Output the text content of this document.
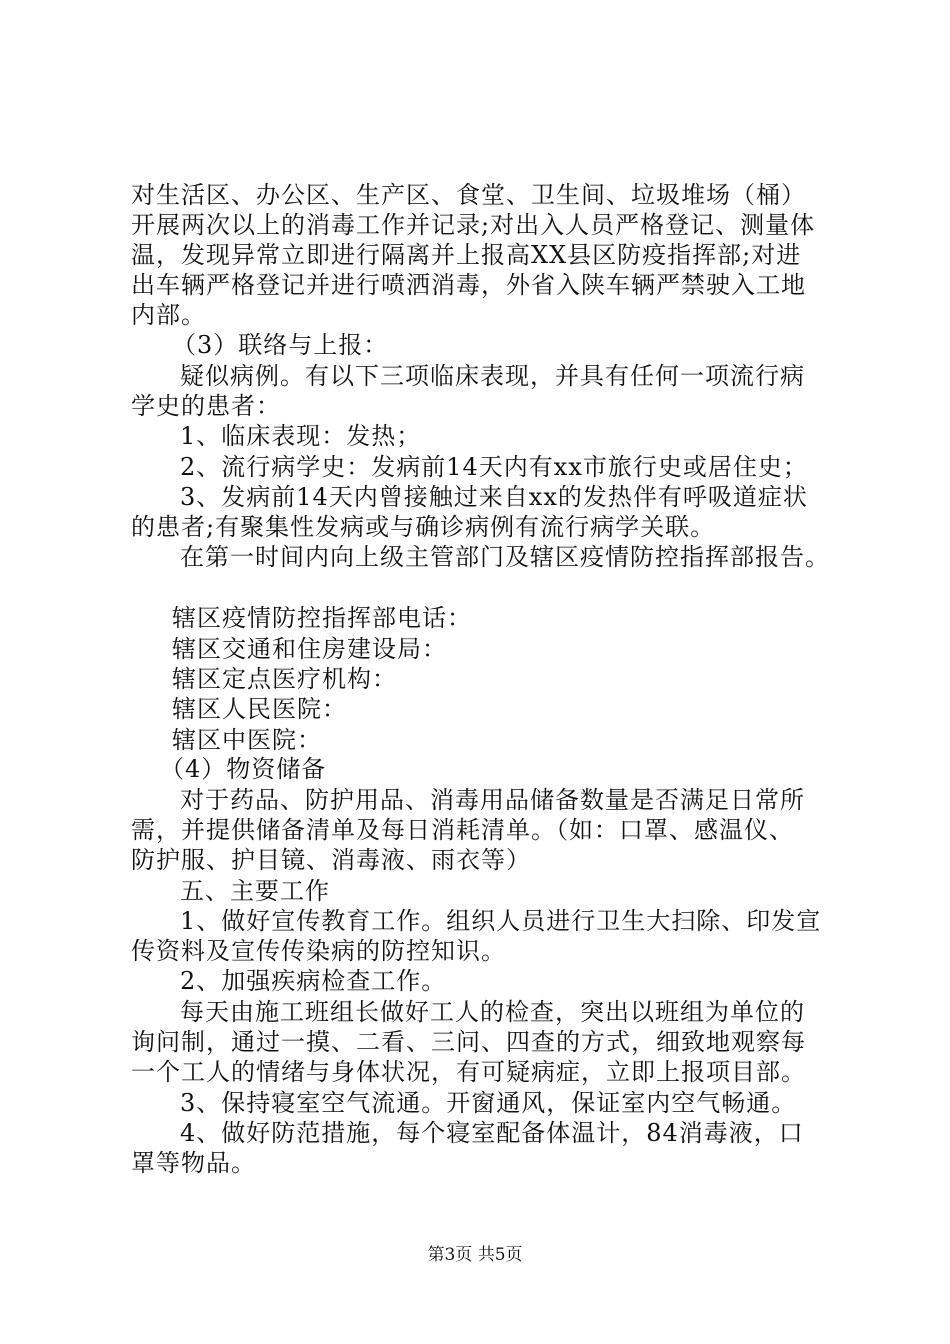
对生活区、办公区、生产区、食堂、卫生间、垃圾堆场（桶）
开展两次以上的消毒工作并记录;对出入人员严格登记、测量体
温，发现异常立即进行隔离并上报高XX县区防疫指挥部;对进
出车辆严格登记并进行喷洒消毒，外省入陕车辆严禁驶入工地
内部。
（3）联络与上报：
疑似病例。有以下三项临床表现，并具有任何一项流行病
学史的患者：
1、临床表现：发热；
2、流行病学史：发病前14天内有xx市旅行史或居住史；
3、发病前14天内曾接触过来自xx的发热伴有呼吸道症状
的患者;有聚集性发病或与确诊病例有流行病学关联。
在第一时间内向上级主管部门及辖区疫情防控指挥部报告。
辖区疫情防控指挥部电话：
辖区交通和住房建设局：
辖区定点医疗机构：
辖区人民医院：
辖区中医院：
（4）物资储备
对于药品、防护用品、消毒用品储备数量是否满足日常所
需，并提供储备清单及每日消耗清单。（如：口罩、感温仪、
防护服、护目镜、消毒液、雨衣等）
五、主要工作
1、做好宣传教育工作。组织人员进行卫生大扫除、印发宣
传资料及宣传传染病的防控知识。
2、加强疾病检查工作。
每天由施工班组长做好工人的检查，突出以班组为单位的
询问制，通过一摸、二看、三问、四查的方式，细致地观察每
一个工人的情绪与身体状况，有可疑病症，立即上报项目部。
3、保持寝室空气流通。开窗通风，保证室内空气畅通。
4、做好防范措施，每个寝室配备体温计，84消毒液，口
罩等物品。
第3页 共5页
